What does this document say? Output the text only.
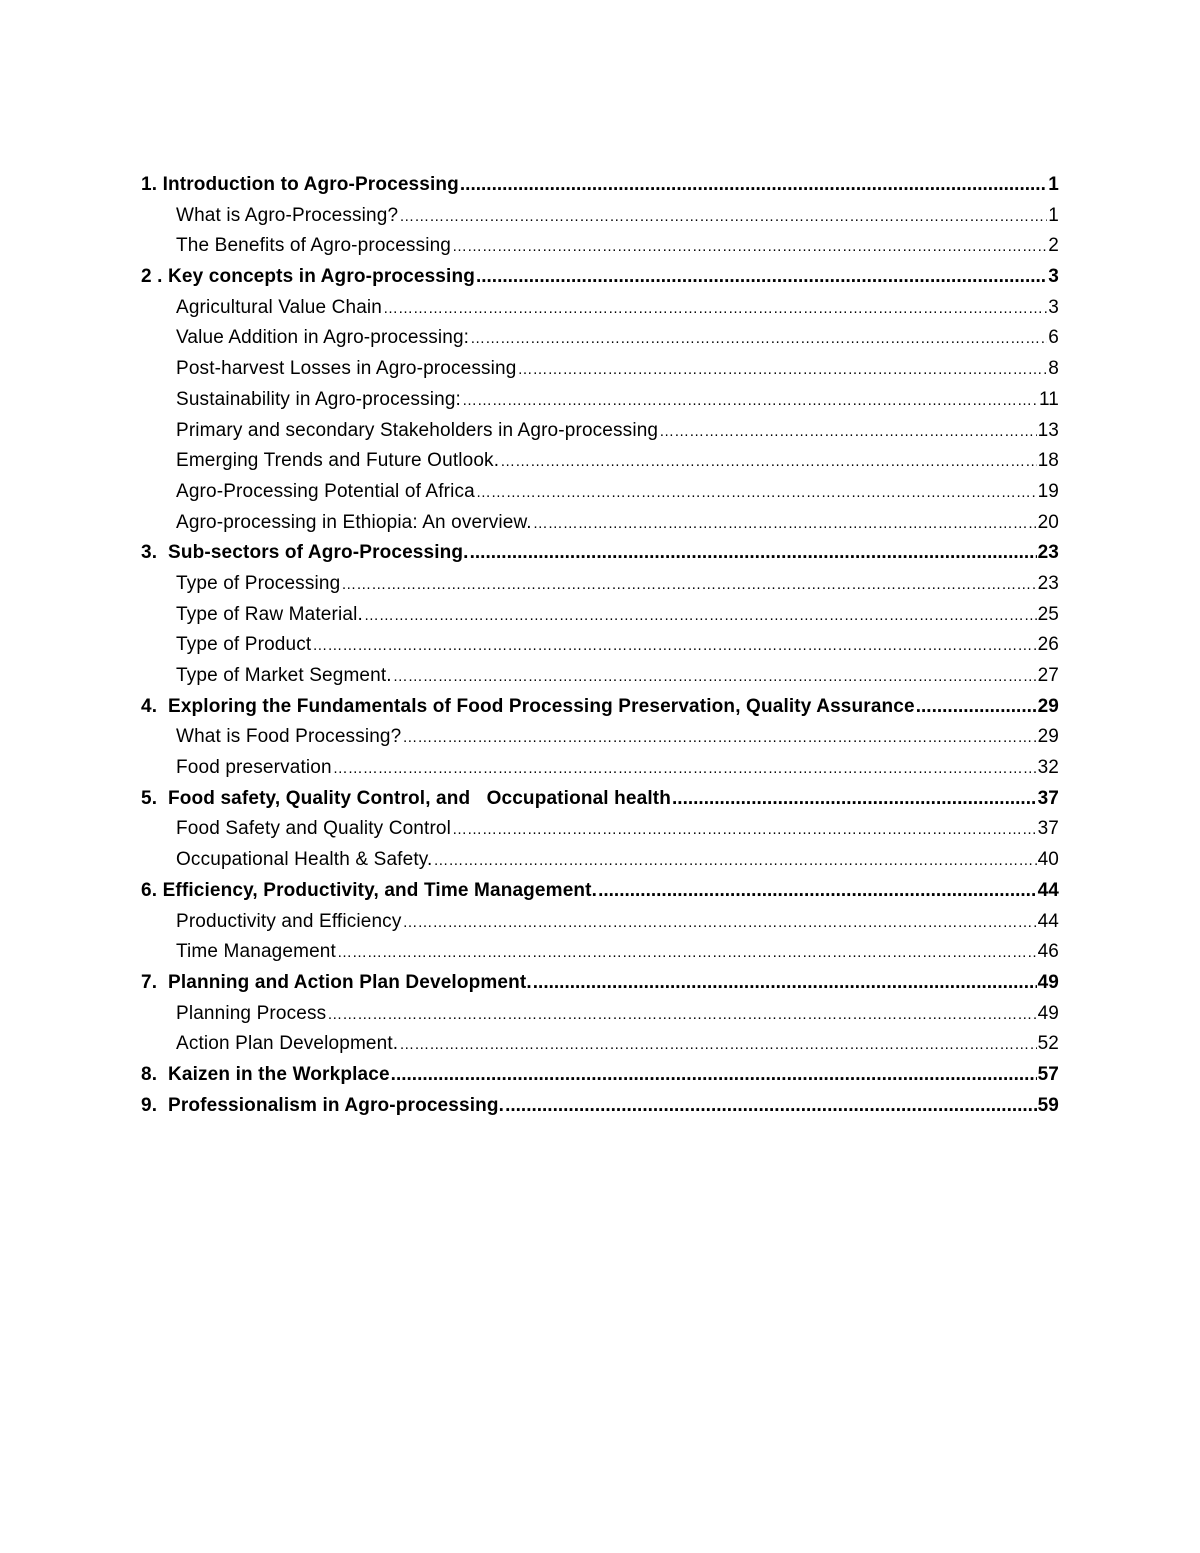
1. Introduction to Agro-Processing .....	1
What is Agro-Processing? …………………………………………………………………………………………………………………………………………………………………………………………………………………………………………………………………………	1
The Benefits of Agro-processing …………………………………………………………………………………………………………………………………………………………………………………………………………………………………………………………………………	2
2 . Key concepts in Agro-processing .....	3
Agricultural Value Chain …………………………………………………………………………………………………………………………………………………………………………………………………………………………………………………………………………	3
Value Addition in Agro-processing: …………………………………………………………………………………………………………………………………………………………………………………………………………………………………………………………………………	6
Post-harvest Losses in Agro-processing …………………………………………………………………………………………………………………………………………………………………………………………………………………………………………………………………………	8
Sustainability in Agro-processing: …………………………………………………………………………………………………………………………………………………………………………………………………………………………………………………………………………	11
Primary and secondary Stakeholders in Agro-processing …………………………………………………………………………………………………………………………………………………………………………………………………………………………………………………………………………	13
Emerging Trends and Future Outlook. …………………………………………………………………………………………………………………………………………………………………………………………………………………………………………………………………………	18
Agro-Processing Potential of Africa …………………………………………………………………………………………………………………………………………………………………………………………………………………………………………………………………………	19
Agro-processing in Ethiopia: An overview. …………………………………………………………………………………………………………………………………………………………………………………………………………………………………………………………………………	20
3.  Sub-sectors of Agro-Processing. .....	23
Type of Processing …………………………………………………………………………………………………………………………………………………………………………………………………………………………………………………………………………	23
Type of Raw Material. …………………………………………………………………………………………………………………………………………………………………………………………………………………………………………………………………………	25
Type of Product …………………………………………………………………………………………………………………………………………………………………………………………………………………………………………………………………………	26
Type of Market Segment. …………………………………………………………………………………………………………………………………………………………………………………………………………………………………………………………………………	27
4.  Exploring the Fundamentals of Food Processing Preservation, Quality Assurance .....	29
What is Food Processing? …………………………………………………………………………………………………………………………………………………………………………………………………………………………………………………………………………	29
Food preservation …………………………………………………………………………………………………………………………………………………………………………………………………………………………………………………………………………	32
5.  Food safety, Quality Control, and   Occupational health .....	37
Food Safety and Quality Control …………………………………………………………………………………………………………………………………………………………………………………………………………………………………………………………………………	37
Occupational Health & Safety. …………………………………………………………………………………………………………………………………………………………………………………………………………………………………………………………………………	40
6. Efficiency, Productivity, and Time Management. .....	44
Productivity and Efficiency …………………………………………………………………………………………………………………………………………………………………………………………………………………………………………………………………………	44
Time Management …………………………………………………………………………………………………………………………………………………………………………………………………………………………………………………………………………	46
7.  Planning and Action Plan Development. .....	49
Planning Process …………………………………………………………………………………………………………………………………………………………………………………………………………………………………………………………………………	49
Action Plan Development. …………………………………………………………………………………………………………………………………………………………………………………………………………………………………………………………………………	52
8.  Kaizen in the Workplace .....	57
9.  Professionalism in Agro-processing. .....	59
